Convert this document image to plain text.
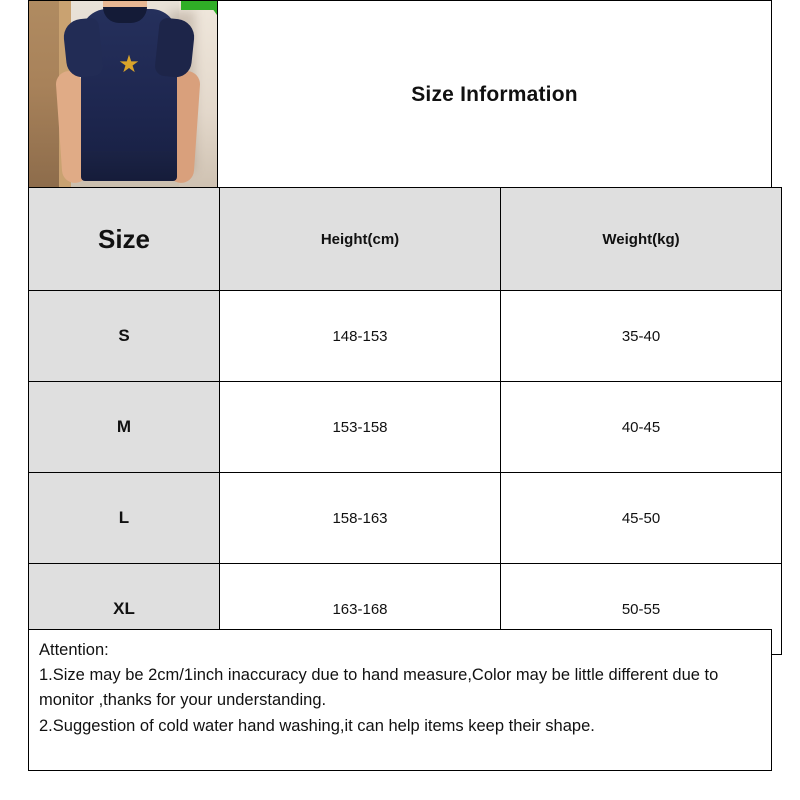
★
Size Information
Size	Height(cm)	Weight(kg)
S	148-153	35-40
M	153-158	40-45
L	158-163	45-50
XL	163-168	50-55

Attention:

1.Size may be 2cm/1inch inaccuracy due to hand measure,Color may be little different due to monitor ,thanks for your understanding.

2.Suggestion of cold water hand washing,it can help items keep their shape.
